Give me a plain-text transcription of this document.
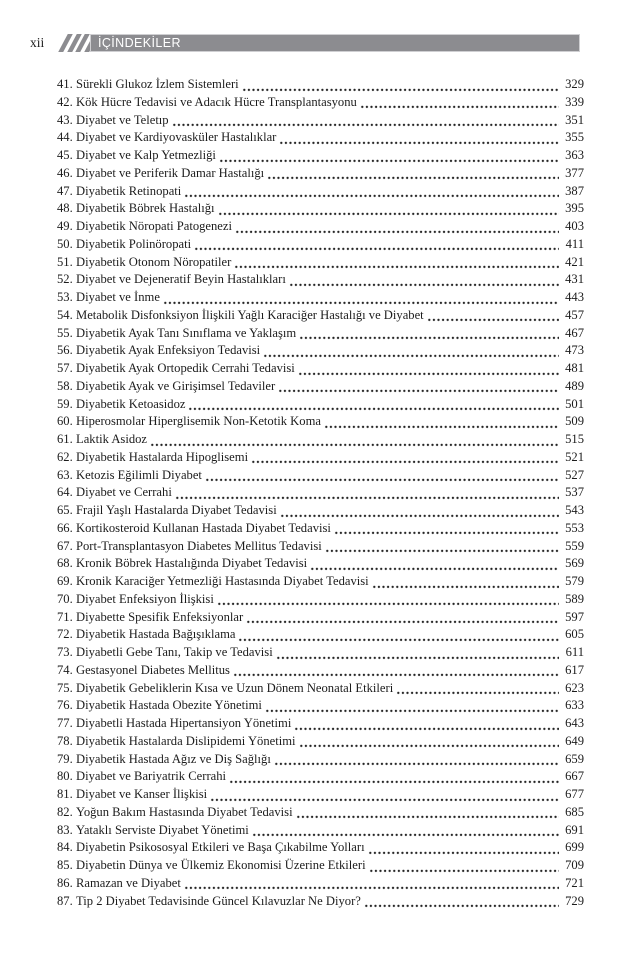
xii	İÇİNDEKİLER
41. Sürekli Glukoz İzlem Sistemleri	329
42. Kök Hücre Tedavisi ve Adacık Hücre Transplantasyonu	339
43. Diyabet ve Teletıp	351
44. Diyabet ve Kardiyovasküler Hastalıklar	355
45. Diyabet ve Kalp Yetmezliği	363
46. Diyabet ve Periferik Damar Hastalığı	377
47. Diyabetik Retinopati	387
48. Diyabetik Böbrek Hastalığı	395
49. Diyabetik Nöropati Patogenezi	403
50. Diyabetik Polinöropati	411
51. Diyabetik Otonom Nöropatiler	421
52. Diyabet ve Dejeneratif Beyin Hastalıkları	431
53. Diyabet ve İnme	443
54. Metabolik Disfonksiyon İlişkili Yağlı Karaciğer Hastalığı ve Diyabet	457
55. Diyabetik Ayak Tanı Sınıflama ve Yaklaşım	467
56. Diyabetik Ayak Enfeksiyon Tedavisi	473
57. Diyabetik Ayak Ortopedik Cerrahi Tedavisi	481
58. Diyabetik Ayak ve Girişimsel Tedaviler	489
59. Diyabetik Ketoasidoz	501
60. Hiperosmolar Hiperglisemik Non-Ketotik Koma	509
61. Laktik Asidoz	515
62. Diyabetik Hastalarda Hipoglisemi	521
63. Ketozis Eğilimli Diyabet	527
64. Diyabet ve Cerrahi	537
65. Frajil Yaşlı Hastalarda Diyabet Tedavisi	543
66. Kortikosteroid Kullanan Hastada Diyabet Tedavisi	553
67. Port-Transplantasyon Diabetes Mellitus Tedavisi	559
68. Kronik Böbrek Hastalığında Diyabet Tedavisi	569
69. Kronik Karaciğer Yetmezliği Hastasında Diyabet Tedavisi	579
70. Diyabet Enfeksiyon İlişkisi	589
71. Diyabette Spesifik Enfeksiyonlar	597
72. Diyabetik Hastada Bağışıklama	605
73. Diyabetli Gebe Tanı, Takip ve Tedavisi	611
74. Gestasyonel Diabetes Mellitus	617
75. Diyabetik Gebeliklerin Kısa ve Uzun Dönem Neonatal Etkileri	623
76. Diyabetik Hastada Obezite Yönetimi	633
77. Diyabetli Hastada Hipertansiyon Yönetimi	643
78. Diyabetik Hastalarda Dislipidemi Yönetimi	649
79. Diyabetik Hastada Ağız ve Diş Sağlığı	659
80. Diyabet ve Bariyatrik Cerrahi	667
81. Diyabet ve Kanser İlişkisi	677
82. Yoğun Bakım Hastasında Diyabet Tedavisi	685
83. Yataklı Serviste Diyabet Yönetimi	691
84. Diyabetin Psikososyal Etkileri ve Başa Çıkabilme Yolları	699
85. Diyabetin Dünya ve Ülkemiz Ekonomisi Üzerine Etkileri	709
86. Ramazan ve Diyabet	721
87. Tip 2 Diyabet Tedavisinde Güncel Kılavuzlar Ne Diyor?	729
